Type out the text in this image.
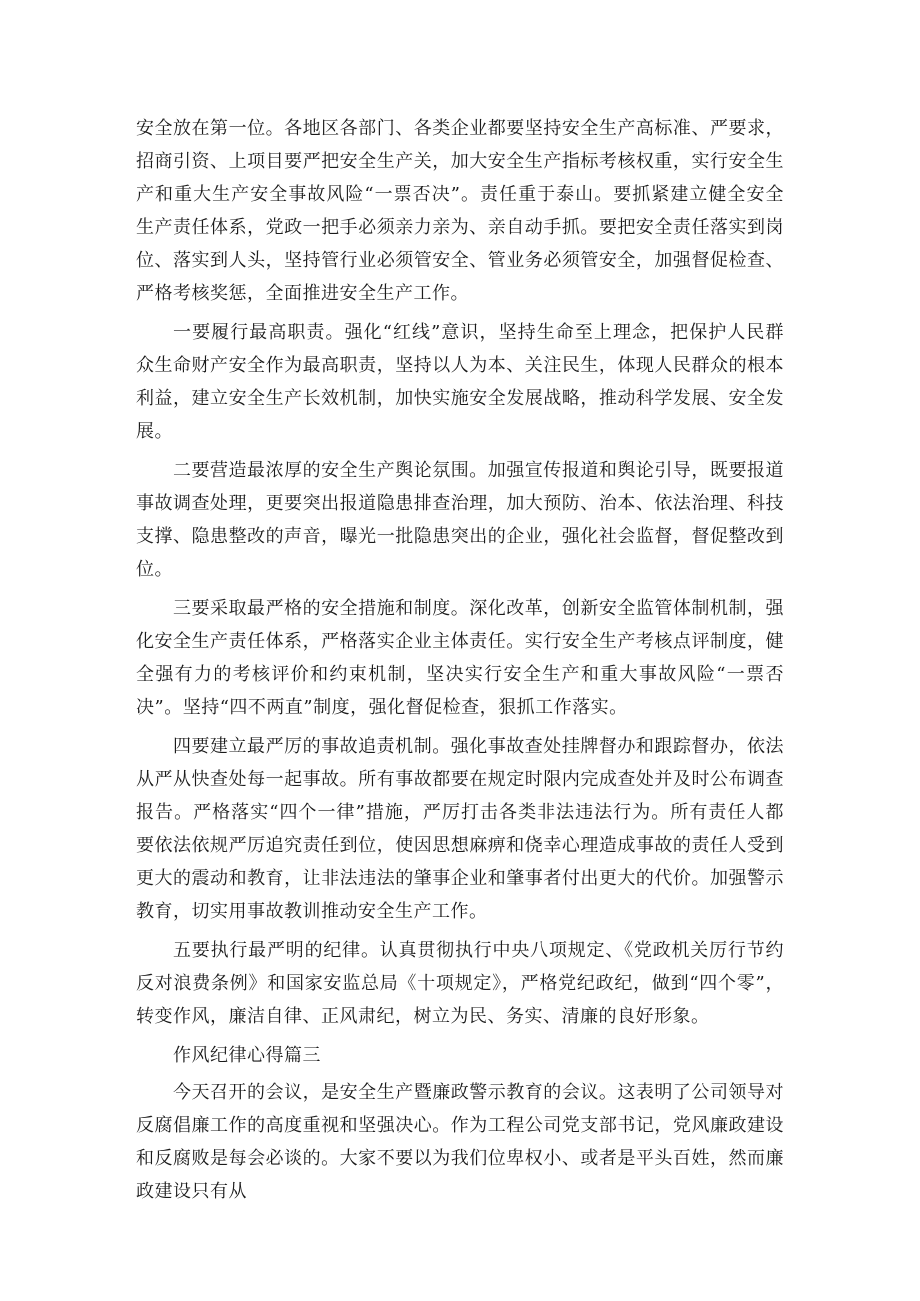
安全放在第一位。各地区各部门、各类企业都要坚持安全生产高标准、严要求，招商引资、上项目要严把安全生产关，加大安全生产指标考核权重，实行安全生产和重大生产安全事故风险“一票否决”。责任重于泰山。要抓紧建立健全安全生产责任体系，党政一把手必须亲力亲为、亲自动手抓。要把安全责任落实到岗位、落实到人头，坚持管行业必须管安全、管业务必须管安全，加强督促检查、严格考核奖惩，全面推进安全生产工作。

一要履行最高职责。强化“红线”意识，坚持生命至上理念，把保护人民群众生命财产安全作为最高职责，坚持以人为本、关注民生，体现人民群众的根本利益，建立安全生产长效机制，加快实施安全发展战略，推动科学发展、安全发展。

二要营造最浓厚的安全生产舆论氛围。加强宣传报道和舆论引导，既要报道事故调查处理，更要突出报道隐患排查治理，加大预防、治本、依法治理、科技支撑、隐患整改的声音，曝光一批隐患突出的企业，强化社会监督，督促整改到位。

三要采取最严格的安全措施和制度。深化改革，创新安全监管体制机制，强化安全生产责任体系，严格落实企业主体责任。实行安全生产考核点评制度，健全强有力的考核评价和约束机制，坚决实行安全生产和重大事故风险“一票否决”。坚持“四不两直”制度，强化督促检查，狠抓工作落实。

四要建立最严厉的事故追责机制。强化事故查处挂牌督办和跟踪督办，依法从严从快查处每一起事故。所有事故都要在规定时限内完成查处并及时公布调查报告。严格落实“四个一律”措施，严厉打击各类非法违法行为。所有责任人都要依法依规严厉追究责任到位，使因思想麻痹和侥幸心理造成事故的责任人受到更大的震动和教育，让非法违法的肇事企业和肇事者付出更大的代价。加强警示教育，切实用事故教训推动安全生产工作。

五要执行最严明的纪律。认真贯彻执行中央八项规定、《党政机关厉行节约反对浪费条例》和国家安监总局《十项规定》，严格党纪政纪，做到“四个零”，转变作风，廉洁自律、正风肃纪，树立为民、务实、清廉的良好形象。

作风纪律心得篇三

今天召开的会议，是安全生产暨廉政警示教育的会议。这表明了公司领导对反腐倡廉工作的高度重视和坚强决心。作为工程公司党支部书记，党风廉政建设和反腐败是每会必谈的。大家不要以为我们位卑权小、或者是平头百姓，然而廉政建设只有从
